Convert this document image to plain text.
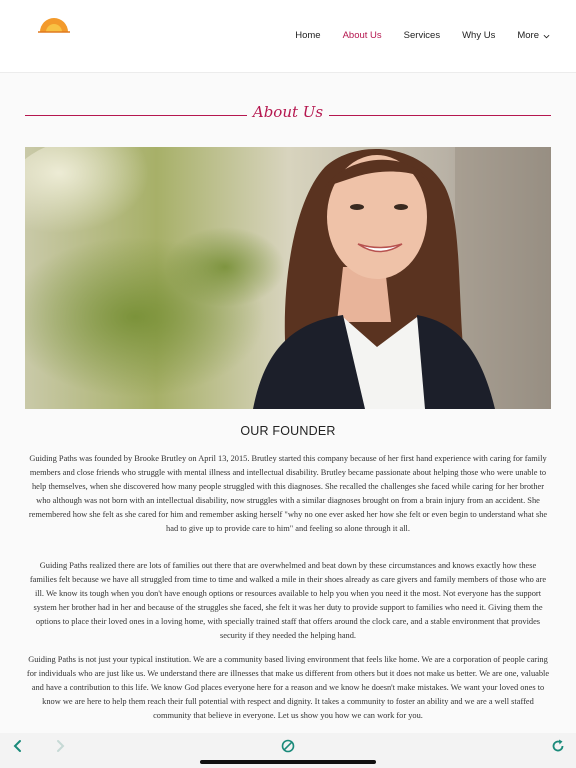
Home About Us Services Why Us More
About Us
OUR FOUNDER
Guiding Paths was founded by Brooke Brutley on April 13, 2015. Brutley started this company because of her first hand experience with caring for family members and close friends who struggle with mental illness and intellectual disability. Brutley became passionate about helping those who were unable to help themselves, when she discovered how many people struggled with this diagnoses. She recalled the challenges she faced while caring for her brother who although was not born with an intellectual disability, now struggles with a similar diagnoses brought on from a brain injury from an accident. She remembered how she felt as she cared for him and remember asking herself "why no one ever asked her how she felt or even begin to understand what she had to give up to provide care to him" and feeling so alone through it all.
Guiding Paths realized there are lots of families out there that are overwhelmed and beat down by these circumstances and knows exactly how these families felt because we have all struggled from time to time and walked a mile in their shoes already as care givers and family members of those who are ill. We know its tough when you don't have enough options or resources available to help you when you need it the most. Not everyone has the support system her brother had in her and because of the struggles she faced, she felt it was her duty to provide support to families who need it. Giving them the options to place their loved ones in a loving home, with specially trained staff that offers around the clock care, and a stable environment that provides security if they needed the helping hand.
Guiding Paths is not just your typical institution. We are a community based living environment that feels like home. We are a corporation of people caring for individuals who are just like us. We understand there are illnesses that make us different from others but it does not make us better. We are one, valuable and have a contribution to this life. We know God places everyone here for a reason and we know he doesn't make mistakes. We want your loved ones to know we are here to help them reach their full potential with respect and dignity. It takes a community to foster an ability and we are a well staffed community that believe in everyone. Let us show you how we can work for you.
